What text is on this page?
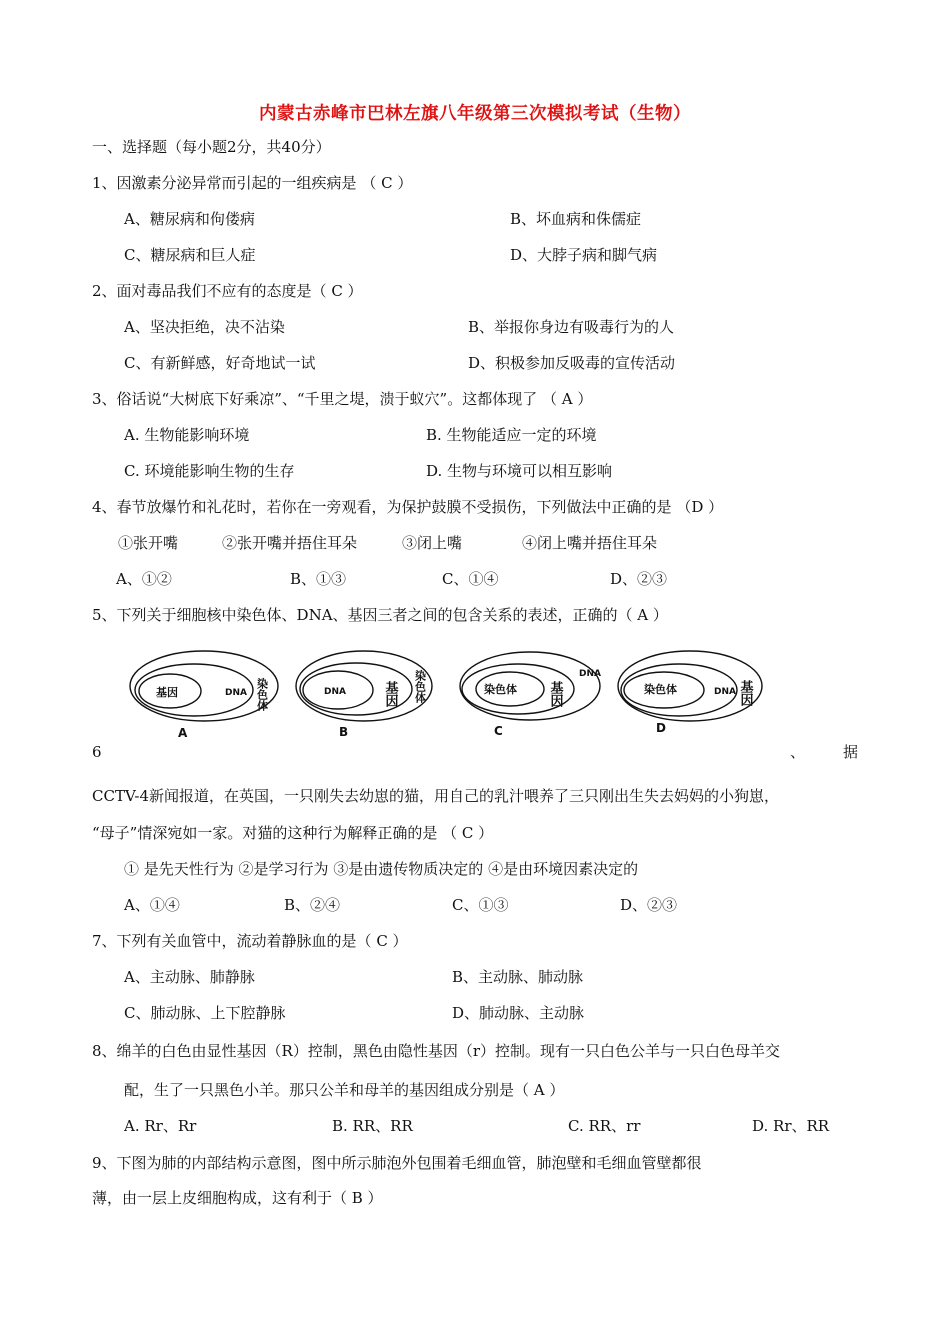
内蒙古赤峰市巴林左旗八年级第三次模拟考试（生物）
一、选择题（每小题2分，共40分）
1、因激素分泌异常而引起的一组疾病是 （ C ）
A、糖尿病和佝偻病	B、坏血病和侏儒症
C、糖尿病和巨人症	D、大脖子病和脚气病
2、面对毒品我们不应有的态度是（ C ）
A、坚决拒绝，决不沾染	B、举报你身边有吸毒行为的人
C、有新鲜感，好奇地试一试	D、积极参加反吸毒的宣传活动
3、俗话说“大树底下好乘凉”、“千里之堤，溃于蚁穴”。这都体现了 （ A ）
A. 生物能影响环境	B. 生物能适应一定的环境
C. 环境能影响生物的生存	D. 生物与环境可以相互影响
4、春节放爆竹和礼花时，若你在一旁观看，为保护鼓膜不受损伤，下列做法中正确的是 （D ）
①张开嘴	②张开嘴并捂住耳朵	③闭上嘴	④闭上嘴并捂住耳朵
A、①②	B、①③	C、①④	D、②③
5、下列关于细胞核中染色体、DNA、基因三者之间的包含关系的表述，正确的（ A ）
基因	DNA 染色体
A
DNA	基因 染色体
B
染色体 基因
DNA
C
染色体	DNA 基因
D
6	、	据
CCTV-4新闻报道，在英国，一只刚失去幼崽的猫，用自己的乳汁喂养了三只刚出生失去妈妈的小狗崽，
“母子”情深宛如一家。对猫的这种行为解释正确的是 （ C ）
① 是先天性行为 ②是学习行为 ③是由遗传物质决定的 ④是由环境因素决定的
A、①④	B、②④	C、①③	D、②③
7、下列有关血管中，流动着静脉血的是（ C ）
A、主动脉、肺静脉	B、主动脉、肺动脉
C、肺动脉、上下腔静脉	D、肺动脉、主动脉
8、绵羊的白色由显性基因（R）控制，黑色由隐性基因（r）控制。现有一只白色公羊与一只白色母羊交
配，生了一只黑色小羊。那只公羊和母羊的基因组成分别是（ A ）
A. Rr、Rr	B. RR、RR	C. RR、rr	D. Rr、RR
9、下图为肺的内部结构示意图，图中所示肺泡外包围着毛细血管，肺泡壁和毛细血管壁都很
薄，由一层上皮细胞构成，这有利于（ B ）
